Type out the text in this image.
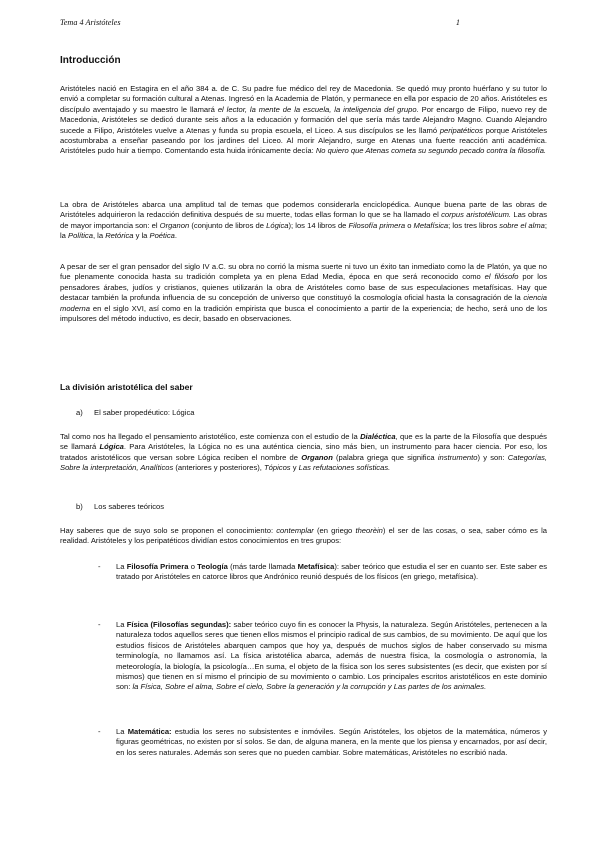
Tema 4 Aristóteles	1
Introducción

Aristóteles nació en Estagira en el año 384 a. de C. Su padre fue médico del rey de Macedonia. Se quedó muy pronto huérfano y su tutor lo envió a completar su formación cultural a Atenas. Ingresó en la Academia de Platón, y permanece en ella por espacio de 20 años. Aristóteles es discípulo aventajado y su maestro le llamará el lector, la mente de la escuela, la inteligencia del grupo. Por encargo de Filipo, nuevo rey de Macedonia, Aristóteles se dedicó durante seis años a la educación y formación del que sería más tarde Alejandro Magno. Cuando Alejandro sucede a Filipo, Aristóteles vuelve a Atenas y funda su propia escuela, el Liceo. A sus discípulos se les llamó peripatéticos porque Aristóteles acostumbraba a enseñar paseando por los jardines del Liceo. Al morir Alejandro, surge en Atenas una fuerte reacción anti académica. Aristóteles pudo huir a tiempo. Comentando esta huida irónicamente decía: No quiero que Atenas cometa su segundo pecado contra la filosofía.

La obra de Aristóteles abarca una amplitud tal de temas que podemos considerarla enciclopédica. Aunque buena parte de las obras de Aristóteles adquirieron la redacción definitiva después de su muerte, todas ellas forman lo que se ha llamado el corpus aristotélicum. Las obras de mayor importancia son: el Organon (conjunto de libros de Lógica); los 14 libros de Filosofía primera o Metafísica; los tres libros sobre el alma; la Política, la Retórica y la Poética.

A pesar de ser el gran pensador del siglo IV a.C. su obra no corrió la misma suerte ni tuvo un éxito tan inmediato como la de Platón, ya que no fue plenamente conocida hasta su tradición completa ya en plena Edad Media, época en que será reconocido como el filósofo por los pensadores árabes, judíos y cristianos, quienes utilizarán la obra de Aristóteles como base de sus especulaciones metafísicas. Hay que destacar también la profunda influencia de su concepción de universo que constituyó la cosmología oficial hasta la consagración de la ciencia moderna en el siglo XVI, así como en la tradición empirista que busca el conocimiento a partir de la experiencia; de hecho, será uno de los impulsores del método inductivo, es decir, basado en observaciones.

La división aristotélica del saber
a) El saber propedéutico: Lógica

Tal como nos ha llegado el pensamiento aristotélico, este comienza con el estudio de la Dialéctica, que es la parte de la Filosofía que después se llamará Lógica. Para Aristóteles, la Lógica no es una auténtica ciencia, sino más bien, un instrumento para hacer ciencia. Por eso, los tratados aristotélicos que versan sobre Lógica reciben el nombre de Organon (palabra griega que significa instrumento) y son: Categorías, Sobre la interpretación, Analíticos (anteriores y posteriores), Tópicos y Las refutaciones sofísticas.

b) Los saberes teóricos

Hay saberes que de suyo solo se proponen el conocimiento: contemplar (en griego theorèin) el ser de las cosas, o sea, saber cómo es la realidad. Aristóteles y los peripatéticos dividían estos conocimientos en tres grupos:

- La Filosofía Primera o Teología (más tarde llamada Metafísica): saber teórico que estudia el ser en cuanto ser. Este saber es tratado por Aristóteles en catorce libros que Andrónico reunió después de los físicos (en griego, metafísica).

- La Física (Filosofías segundas): saber teórico cuyo fin es conocer la Physis, la naturaleza. Según Aristóteles, pertenecen a la naturaleza todos aquellos seres que tienen ellos mismos el principio radical de sus cambios, de su movimiento. De aquí que los estudios físicos de Aristóteles abarquen campos que hoy ya, después de muchos siglos de haber conservado su misma terminología, no llamamos así. La física aristotélica abarca, además de nuestra física, la cosmología o astronomía, la meteorología, la biología, la psicología…En suma, el objeto de la física son los seres subsistentes (es decir, que existen por sí mismos) que tienen en sí mismo el principio de su movimiento o cambio. Los principales escritos aristotélicos en este dominio son: la Física, Sobre el alma, Sobre el cielo, Sobre la generación y la corrupción y Las partes de los animales.

- La Matemática: estudia los seres no subsistentes e inmóviles. Según Aristóteles, los objetos de la matemática, números y figuras geométricas, no existen por sí solos. Se dan, de alguna manera, en la mente que los piensa y encarnados, por así decir, en los seres naturales. Además son seres que no pueden cambiar. Sobre matemáticas, Aristóteles no escribió nada.
